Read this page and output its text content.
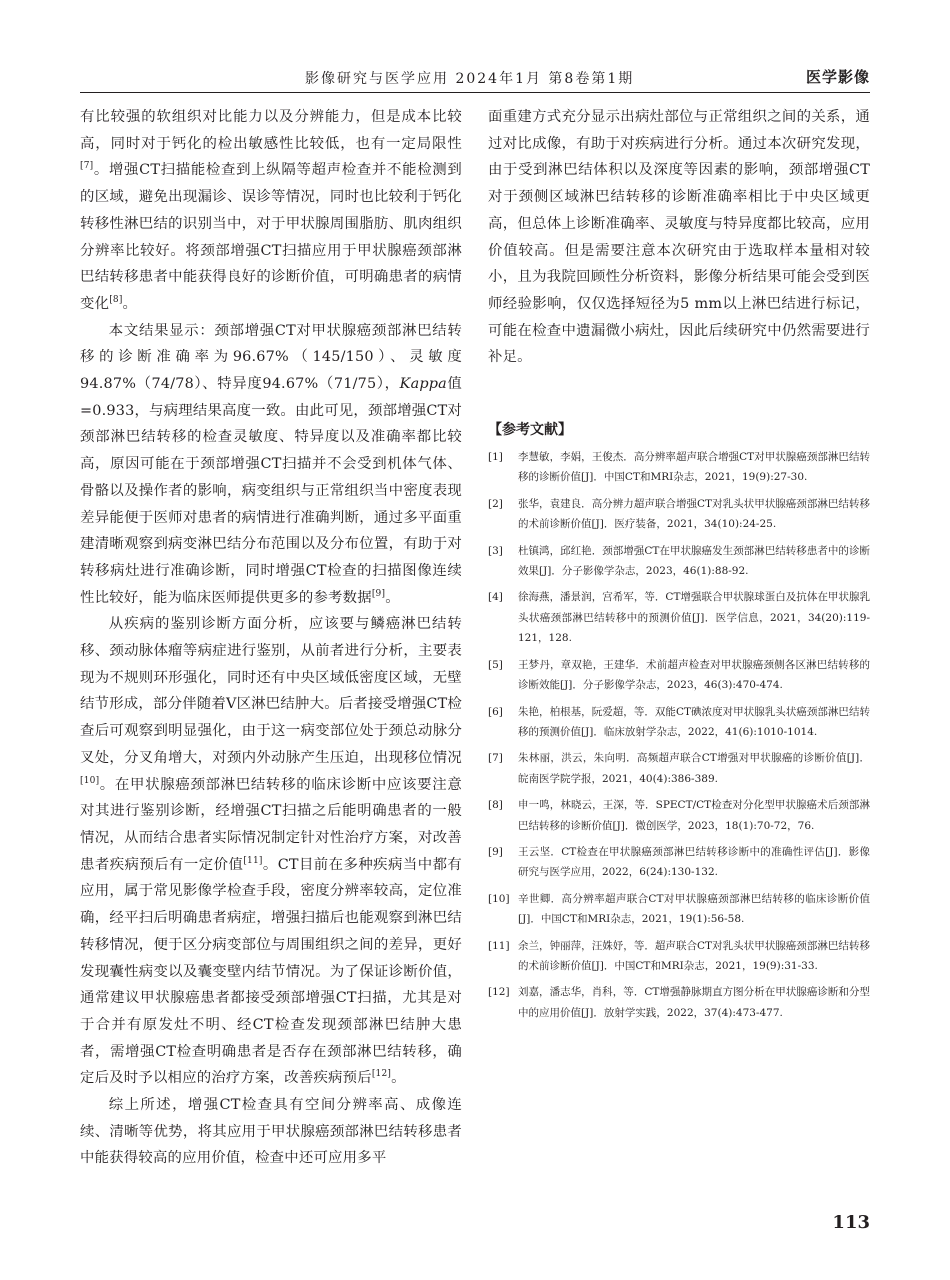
影像研究与医学应用 2024年1月 第8卷第1期	医学影像

有比较强的软组织对比能力以及分辨能力，但是成本比较高，同时对于钙化的检出敏感性比较低，也有一定局限性[7]。增强CT扫描能检查到上纵隔等超声检查并不能检测到的区域，避免出现漏诊、误诊等情况，同时也比较利于钙化转移性淋巴结的识别当中，对于甲状腺周围脂肪、肌肉组织分辨率比较好。将颈部增强CT扫描应用于甲状腺癌颈部淋巴结转移患者中能获得良好的诊断价值，可明确患者的病情变化[8]。

本文结果显示：颈部增强CT对甲状腺癌颈部淋巴结转移的诊断准确率为96.67%（145/150）、灵敏度94.87%（74/78）、特异度94.67%（71/75），Kappa值=0.933，与病理结果高度一致。由此可见，颈部增强CT对颈部淋巴结转移的检查灵敏度、特异度以及准确率都比较高，原因可能在于颈部增强CT扫描并不会受到机体气体、骨骼以及操作者的影响，病变组织与正常组织当中密度表现差异能便于医师对患者的病情进行准确判断，通过多平面重建清晰观察到病变淋巴结分布范围以及分布位置，有助于对转移病灶进行准确诊断，同时增强CT检查的扫描图像连续性比较好，能为临床医师提供更多的参考数据[9]。

从疾病的鉴别诊断方面分析，应该要与鳞癌淋巴结转移、颈动脉体瘤等病症进行鉴别，从前者进行分析，主要表现为不规则环形强化，同时还有中央区域低密度区域，无壁结节形成，部分伴随着Ⅴ区淋巴结肿大。后者接受增强CT检查后可观察到明显强化，由于这一病变部位处于颈总动脉分叉处，分叉角增大，对颈内外动脉产生压迫，出现移位情况[10]。在甲状腺癌颈部淋巴结转移的临床诊断中应该要注意对其进行鉴别诊断，经增强CT扫描之后能明确患者的一般情况，从而结合患者实际情况制定针对性治疗方案，对改善患者疾病预后有一定价值[11]。CT目前在多种疾病当中都有应用，属于常见影像学检查手段，密度分辨率较高，定位准确，经平扫后明确患者病症，增强扫描后也能观察到淋巴结转移情况，便于区分病变部位与周围组织之间的差异，更好发现囊性病变以及囊变壁内结节情况。为了保证诊断价值，通常建议甲状腺癌患者都接受颈部增强CT扫描，尤其是对于合并有原发灶不明、经CT检查发现颈部淋巴结肿大患者，需增强CT检查明确患者是否存在颈部淋巴结转移，确定后及时予以相应的治疗方案，改善疾病预后[12]。

综上所述，增强CT检查具有空间分辨率高、成像连续、清晰等优势，将其应用于甲状腺癌颈部淋巴结转移患者中能获得较高的应用价值，检查中还可应用多平

面重建方式充分显示出病灶部位与正常组织之间的关系，通过对比成像，有助于对疾病进行分析。通过本次研究发现，由于受到淋巴结体积以及深度等因素的影响，颈部增强CT对于颈侧区域淋巴结转移的诊断准确率相比于中央区域更高，但总体上诊断准确率、灵敏度与特异度都比较高，应用价值较高。但是需要注意本次研究由于选取样本量相对较小，且为我院回顾性分析资料，影像分析结果可能会受到医师经验影响，仅仅选择短径为5 mm以上淋巴结进行标记，可能在检查中遗漏微小病灶，因此后续研究中仍然需要进行补足。

【参考文献】
[1] 李慧敏，李娟，王俊杰．高分辨率超声联合增强CT对甲状腺癌颈部淋巴结转移的诊断价值[J]．中国CT和MRI杂志，2021，19(9):27-30.
[2] 张华，袁建良．高分辨力超声联合增强CT对乳头状甲状腺癌颈部淋巴结转移的术前诊断价值[J]．医疗装备，2021，34(10):24-25.
[3] 杜镇鸿，邱红艳．颈部增强CT在甲状腺癌发生颈部淋巴结转移患者中的诊断效果[J]．分子影像学杂志，2023，46(1):88-92.
[4] 徐海燕，潘景润，宫希军，等．CT增强联合甲状腺球蛋白及抗体在甲状腺乳头状癌颈部淋巴结转移中的预测价值[J]．医学信息，2021，34(20):119-121，128.
[5] 王梦丹，章双艳，王建华．术前超声检查对甲状腺癌颈侧各区淋巴结转移的诊断效能[J]．分子影像学杂志，2023，46(3):470-474.
[6] 朱艳，柏根基，阮爱超，等．双能CT碘浓度对甲状腺乳头状癌颈部淋巴结转移的预测价值[J]．临床放射学杂志，2022，41(6):1010-1014.
[7] 朱林丽，洪云，朱向明．高频超声联合CT增强对甲状腺癌的诊断价值[J]．皖南医学院学报，2021，40(4):386-389.
[8] 申一鸣，林晓云，王深，等．SPECT/CT检查对分化型甲状腺癌术后颈部淋巴结转移的诊断价值[J]．微创医学，2023，18(1):70-72，76.
[9] 王云坚．CT检查在甲状腺癌颈部淋巴结转移诊断中的准确性评估[J]．影像研究与医学应用，2022，6(24):130-132.
[10] 辛世卿．高分辨率超声联合CT对甲状腺癌颈部淋巴结转移的临床诊断价值[J]．中国CT和MRI杂志，2021，19(1):56-58.
[11] 余兰，钟丽萍，汪姝妤，等．超声联合CT对乳头状甲状腺癌颈部淋巴结转移的术前诊断价值[J]．中国CT和MRI杂志，2021，19(9):31-33.
[12] 刘嘉，潘志华，肖科，等．CT增强静脉期直方图分析在甲状腺癌诊断和分型中的应用价值[J]．放射学实践，2022，37(4):473-477.
113
